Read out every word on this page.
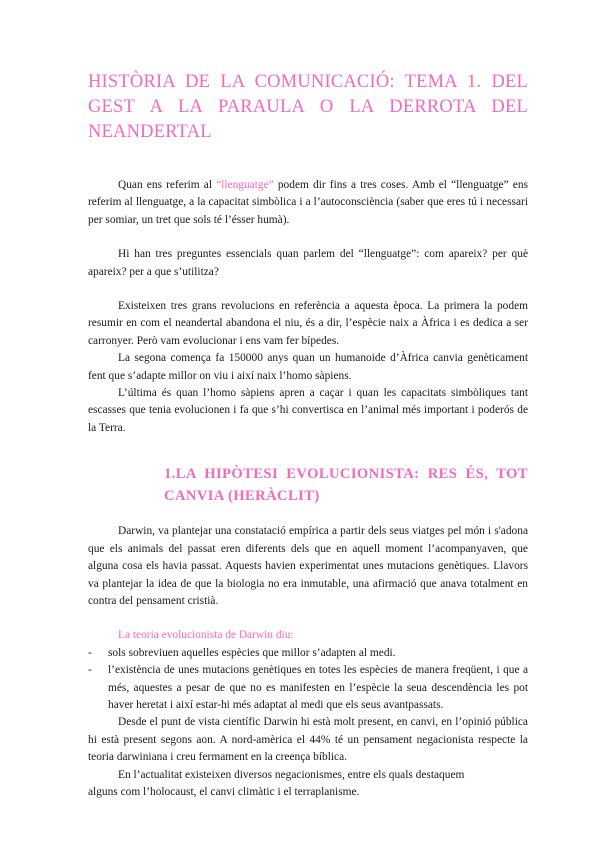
HISTÒRIA DE LA COMUNICACIÓ: TEMA 1. DEL GEST A LA PARAULA O LA DERROTA DEL NEANDERTAL

Quan ens referim al “llenguatge” podem dir fins a tres coses. Amb el “llenguatge” ens referim al llenguatge, a la capacitat simbòlica i a l’autoconsciència (saber que eres tú i necessari per somiar, un tret que sols té l’ésser humà).

Hi han tres preguntes essencials quan parlem del “llenguatge”: com apareix? per què apareix? per a que s’utilitza?

Existeixen tres grans revolucions en referència a aquesta època. La primera la podem resumir en com el neandertal abandona el niu, és a dir, l’espècie naix a Àfrica i es dedica a ser carronyer. Però vam evolucionar i ens vam fer bípedes.

La segona comença fa 150000 anys quan un humanoide d’Àfrica canvia genèticament fent que s’adapte millor on viu i així naix l’homo sàpiens.

L’última és quan l’homo sàpiens apren a caçar i quan les capacitats simbòliques tant escasses que tenia evolucionen i fa que s’hi convertisca en l’animal més important i poderós de la Terra.

1.LA HIPÒTESI EVOLUCIONISTA: RES ÉS, TOT CANVIA (HERÀCLIT)

Darwin, va plantejar una constatació empírica a partir dels seus viatges pel món i s'adona que els animals del passat eren diferents dels que en aquell moment l’acompanyaven, que alguna cosa els havia passat. Aquests havien experimentat unes mutacions genètiques. Llavors va plantejar la idea de que la biologia no era inmutable, una afirmació que anava totalment en contra del pensament cristià.

La teoria evolucionista de Darwin diu:

- sols sobreviuen aquelles espècies que millor s’adapten al medi.
- l’existència de unes mutacions genètiques en totes les espècies de manera freqüent, i que a més, aquestes a pesar de que no es manifesten en l’espècie la seua descendència les pot haver heretat i així estar-hi més adaptat al medi que els seus avantpassats.

Desde el punt de vista científic Darwin hi està molt present, en canvi, en l’opinió pública hi està present segons aon. A nord-amèrica el 44% té un pensament negacionista respecte la teoria darwiniana i creu fermament en la creença bíblica.

En l’actualitat existeixen diversos negacionismes, entre els quals destaquem

alguns com l’holocaust, el canvi climàtic i el terraplanisme.
